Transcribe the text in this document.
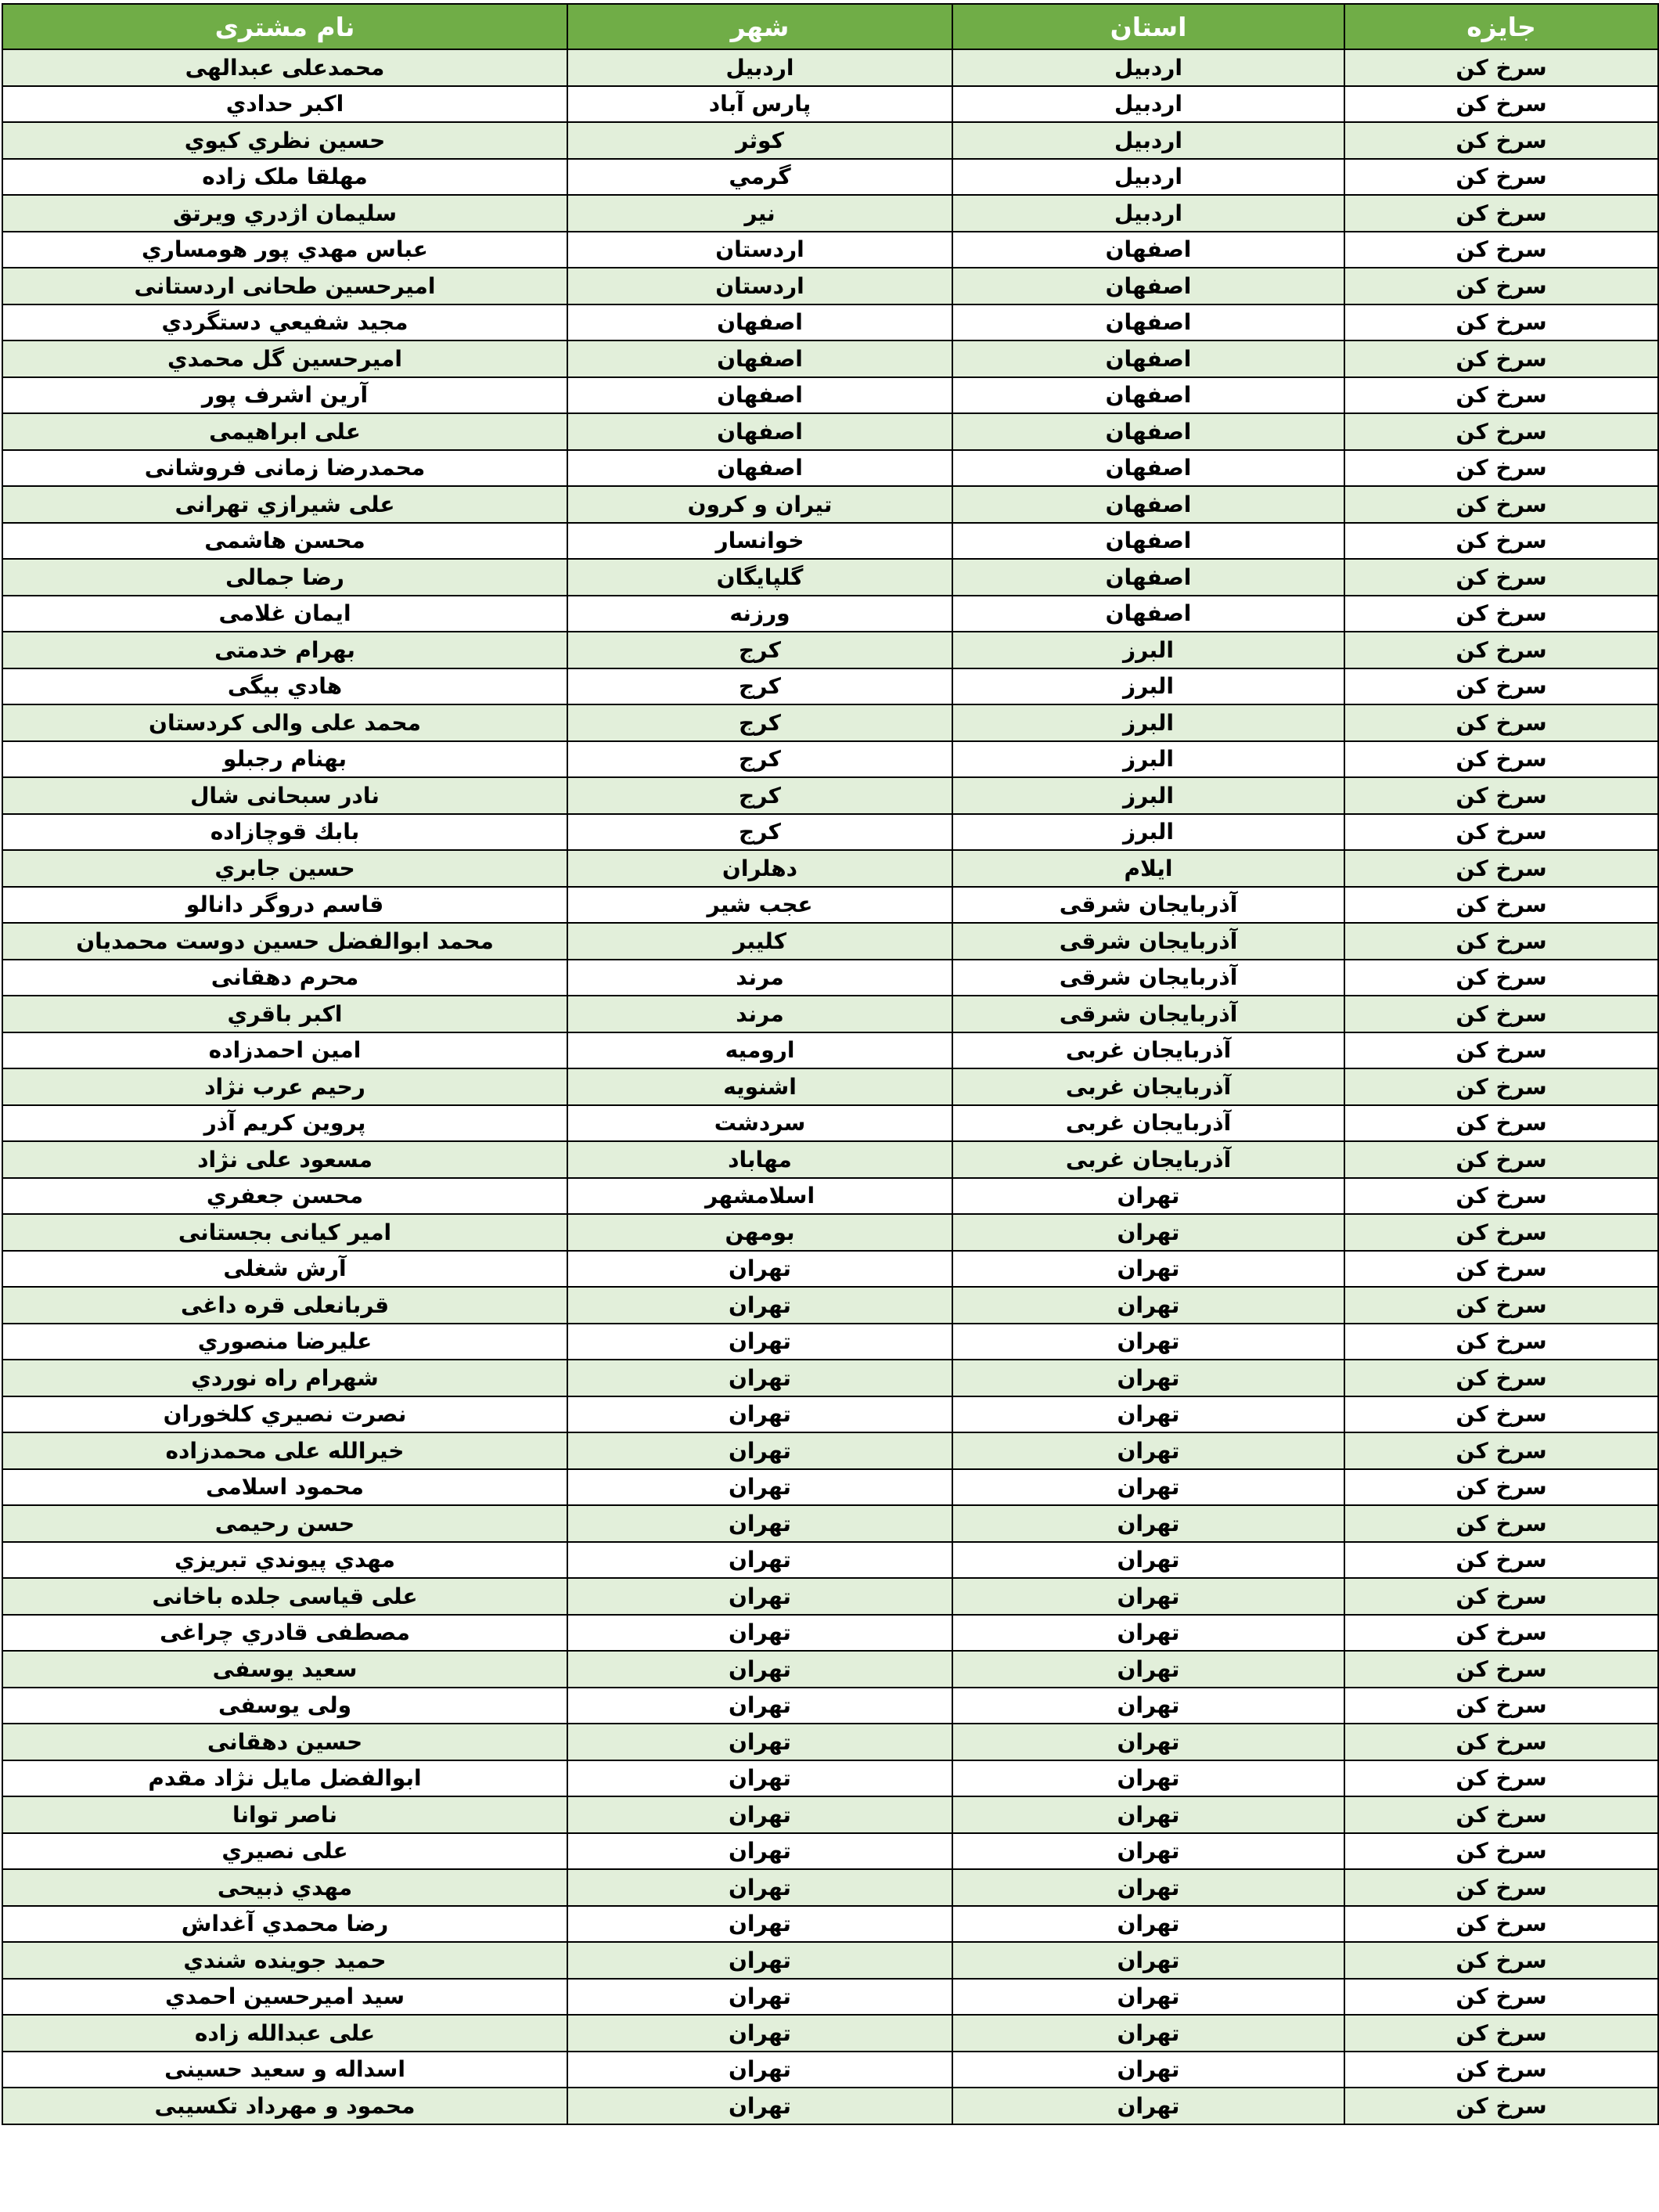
جایزه	استان	شهر	نام مشتری
سرخ کن	اردبيل	اردبيل	محمدعلی عبدالهی
سرخ کن	اردبيل	پارس آباد	اکبر حدادي
سرخ کن	اردبيل	كوثر	حسين نظري كيوي
سرخ کن	اردبيل	گرمي	مهلقا ملک زاده
سرخ کن	اردبيل	نير	سليمان اژدري ويرتق
سرخ کن	اصفهان	اردستان	عباس مهدي پور هومساري
سرخ کن	اصفهان	اردستان	اميرحسين طحانی اردستانی
سرخ کن	اصفهان	اصفهان	مجيد شفيعي دستگردي
سرخ کن	اصفهان	اصفهان	اميرحسين گل محمدي
سرخ کن	اصفهان	اصفهان	آرين اشرف پور
سرخ کن	اصفهان	اصفهان	علی ابراهيمی
سرخ کن	اصفهان	اصفهان	محمدرضا زمانی فروشانی
سرخ کن	اصفهان	تيران و كرون	علی شيرازي تهرانی
سرخ کن	اصفهان	خوانسار	محسن هاشمی
سرخ کن	اصفهان	گلپايگان	رضا جمالی
سرخ کن	اصفهان	ورزنه	ايمان غلامی
سرخ کن	البرز	كرج	بهرام خدمتی
سرخ کن	البرز	كرج	هادي بيگی
سرخ کن	البرز	كرج	محمد علی والی كردستان
سرخ کن	البرز	كرج	بهنام رجبلو
سرخ کن	البرز	كرج	نادر سبحانی شال
سرخ کن	البرز	كرج	بابك قوچازاده
سرخ کن	ايلام	دهلران	حسين جابري
سرخ کن	آذربايجان شرقی	عجب شير	قاسم دروگر دانالو
سرخ کن	آذربايجان شرقی	كليبر	محمد ابوالفضل حسين دوست محمديان
سرخ کن	آذربايجان شرقی	مرند	محرم دهقانی
سرخ کن	آذربايجان شرقی	مرند	اكبر باقري
سرخ کن	آذربايجان غربی	اروميه	امين احمدزاده
سرخ کن	آذربايجان غربی	اشنويه	رحيم عرب نژاد
سرخ کن	آذربايجان غربی	سردشت	پروين كريم آذر
سرخ کن	آذربايجان غربی	مهاباد	مسعود علی نژاد
سرخ کن	تهران	اسلامشهر	محسن جعفري
سرخ کن	تهران	بومهن	امير كيانی بجستانی
سرخ کن	تهران	تهران	آرش شغلی
سرخ کن	تهران	تهران	قربانعلی قره داغی
سرخ کن	تهران	تهران	عليرضا منصوري
سرخ کن	تهران	تهران	شهرام راه نوردي
سرخ کن	تهران	تهران	نصرت نصيري كلخوران
سرخ کن	تهران	تهران	خيرالله علی محمدزاده
سرخ کن	تهران	تهران	محمود اسلامی
سرخ کن	تهران	تهران	حسن رحيمی
سرخ کن	تهران	تهران	مهدي پيوندي تبريزي
سرخ کن	تهران	تهران	علی قياسی جلده باخانی
سرخ کن	تهران	تهران	مصطفی قادري چراغی
سرخ کن	تهران	تهران	سعيد يوسفی
سرخ کن	تهران	تهران	ولی يوسفی
سرخ کن	تهران	تهران	حسين دهقانی
سرخ کن	تهران	تهران	ابوالفضل مايل نژاد مقدم
سرخ کن	تهران	تهران	ناصر توانا
سرخ کن	تهران	تهران	علی نصيري
سرخ کن	تهران	تهران	مهدي ذبيحی
سرخ کن	تهران	تهران	رضا محمدي آغداش
سرخ کن	تهران	تهران	حميد جوينده شندي
سرخ کن	تهران	تهران	سيد اميرحسين احمدي
سرخ کن	تهران	تهران	علی عبدالله زاده
سرخ کن	تهران	تهران	اسداله و سعيد حسينی
سرخ کن	تهران	تهران	محمود و مهرداد تكسيبی
